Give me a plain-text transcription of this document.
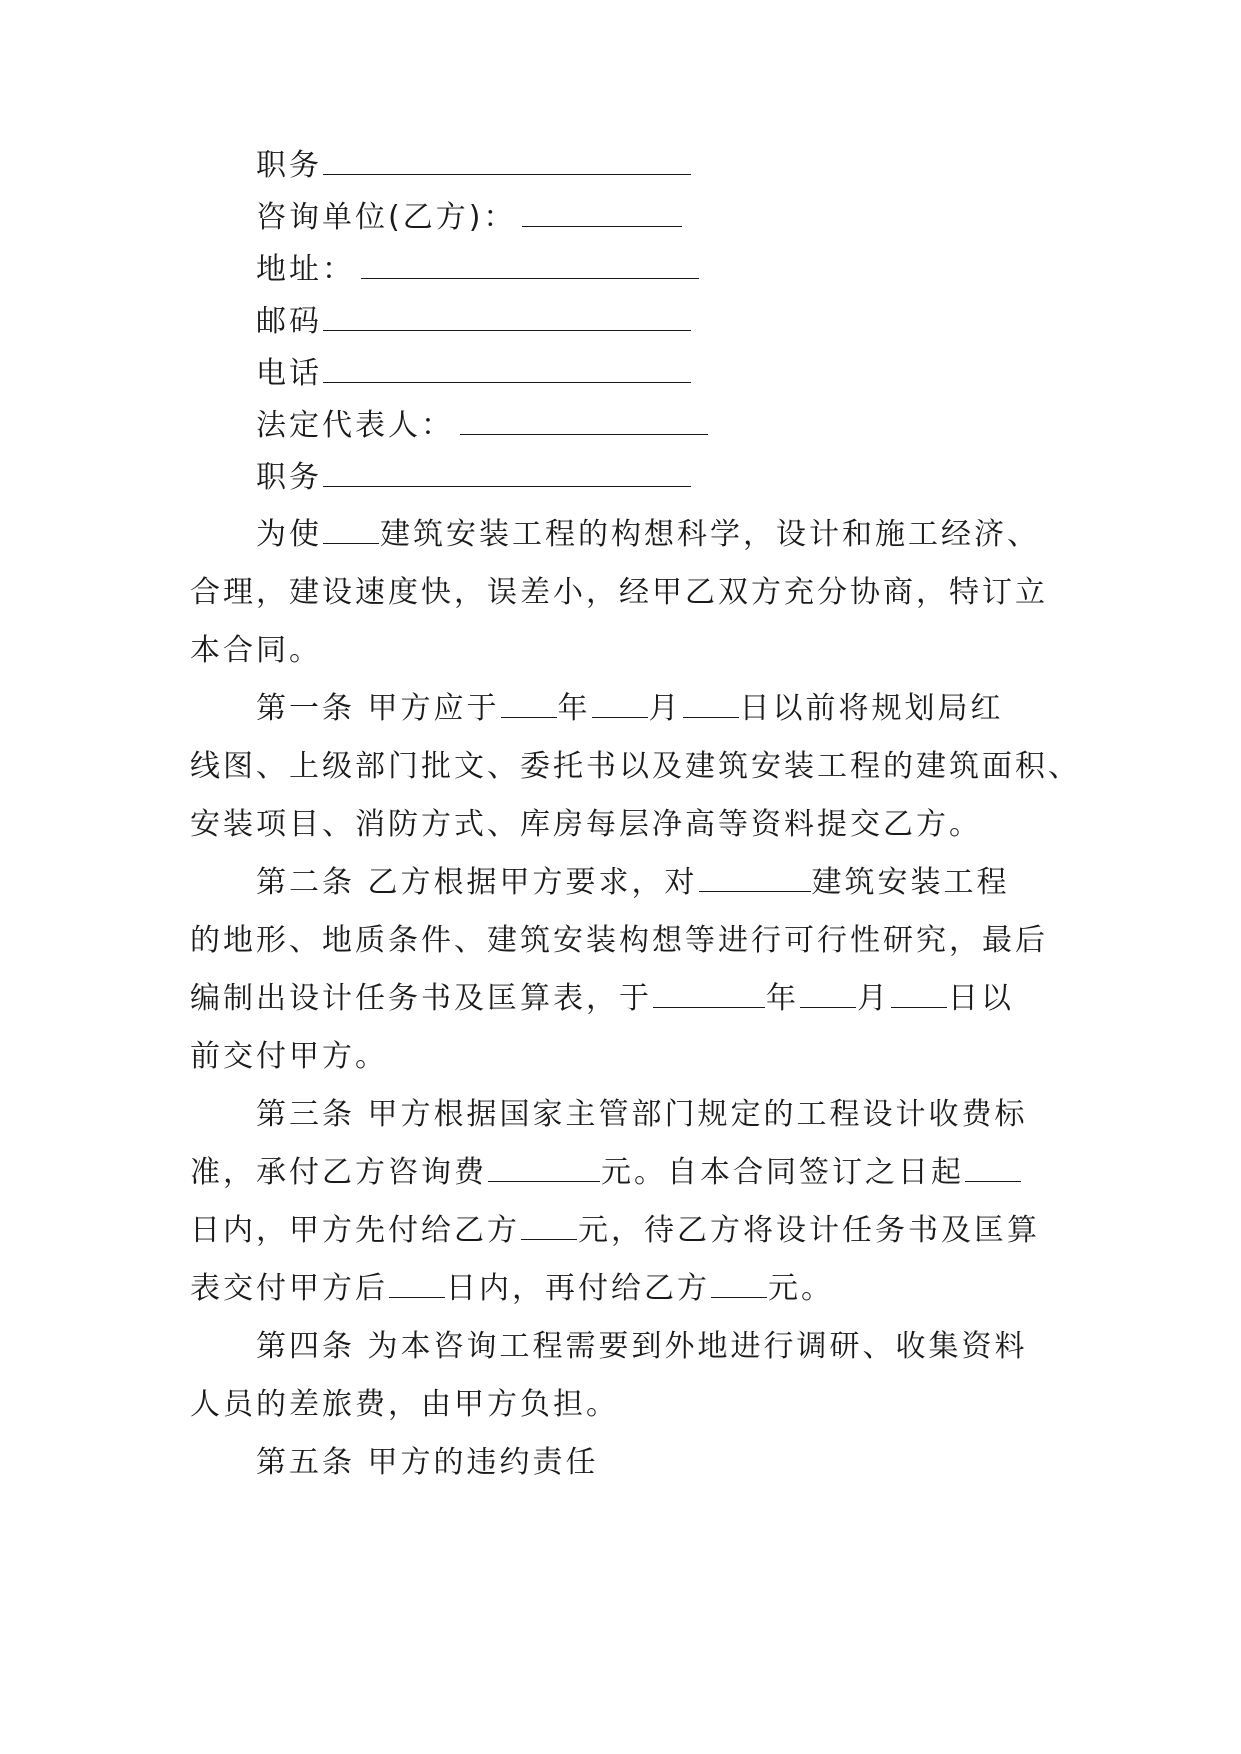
职务
咨询单位(乙方)：
地址：
邮码
电话
法定代表人：
职务
为使 建筑安装工程的构想科学，设计和施工经济、
合理，建设速度快，误差小，经甲乙双方充分协商，特订立
本合同。
第一条 甲方应于 年 月 日以前将规划局红
线图、上级部门批文、委托书以及建筑安装工程的建筑面积、
安装项目、消防方式、库房每层净高等资料提交乙方。
第二条 乙方根据甲方要求，对	建筑安装工程
的地形、地质条件、建筑安装构想等进行可行性研究，最后
编制出设计任务书及匡算表，于	年 月 日以
前交付甲方。
第三条 甲方根据国家主管部门规定的工程设计收费标
准，承付乙方咨询费	元。自本合同签订之日起
日内，甲方先付给乙方 元，待乙方将设计任务书及匡算
表交付甲方后 日内，再付给乙方 元。
第四条 为本咨询工程需要到外地进行调研、收集资料
人员的差旅费，由甲方负担。
第五条 甲方的违约责任
